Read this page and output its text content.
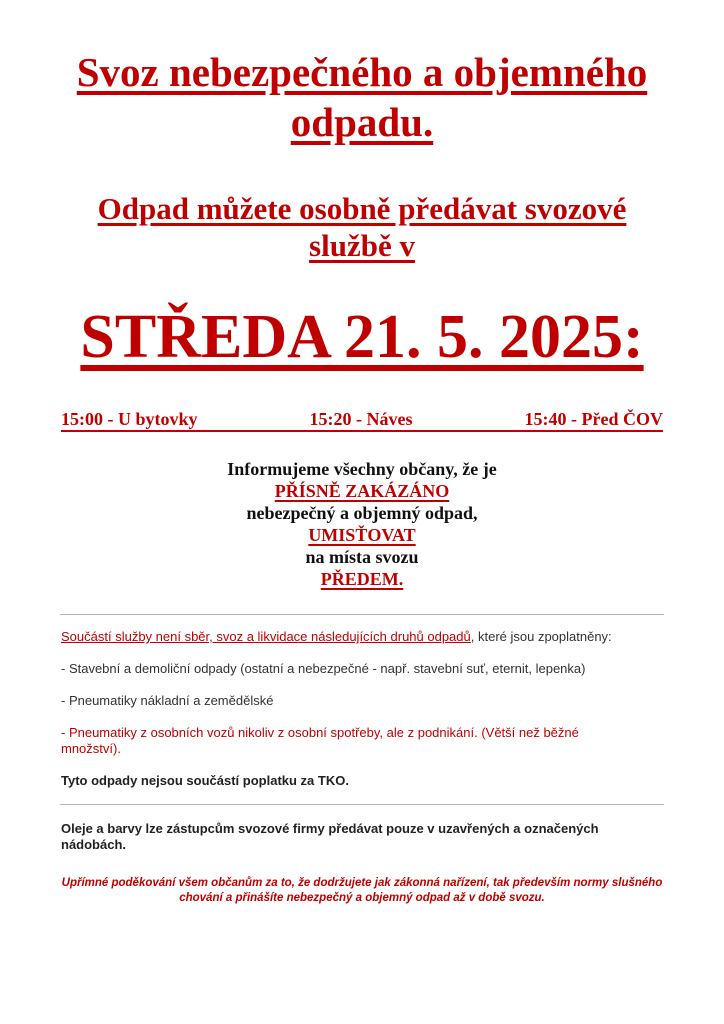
Svoz nebezpečného a objemného
odpadu.
Odpad můžete osobně předávat svozové
službě v
STŘEDA 21. 5. 2025:
15:00 - U bytovky	15:20 - Náves	15:40 - Před ČOV
Informujeme všechny občany, že je
PŘÍSNĚ ZAKÁZÁNO
nebezpečný a objemný odpad,
UMISŤOVAT
na místa svozu
PŘEDEM.
Součástí služby není sběr, svoz a likvidace následujících druhů odpadů, které jsou zpoplatněny:
- Stavební a demoliční odpady (ostatní a nebezpečné - např. stavební suť, eternit, lepenka)
- Pneumatiky nákladní a zemědělské
- Pneumatiky z osobních vozů nikoliv z osobní spotřeby, ale z podnikání. (Větší než běžné množství).
Tyto odpady nejsou součástí poplatku za TKO.
Oleje a barvy lze zástupcům svozové firmy předávat pouze v uzavřených a označených nádobách.
Upřímné poděkování všem občanům za to, že dodržujete jak zákonná nařízení, tak především normy slušného chování a přinášíte nebezpečný a objemný odpad až v době svozu.
